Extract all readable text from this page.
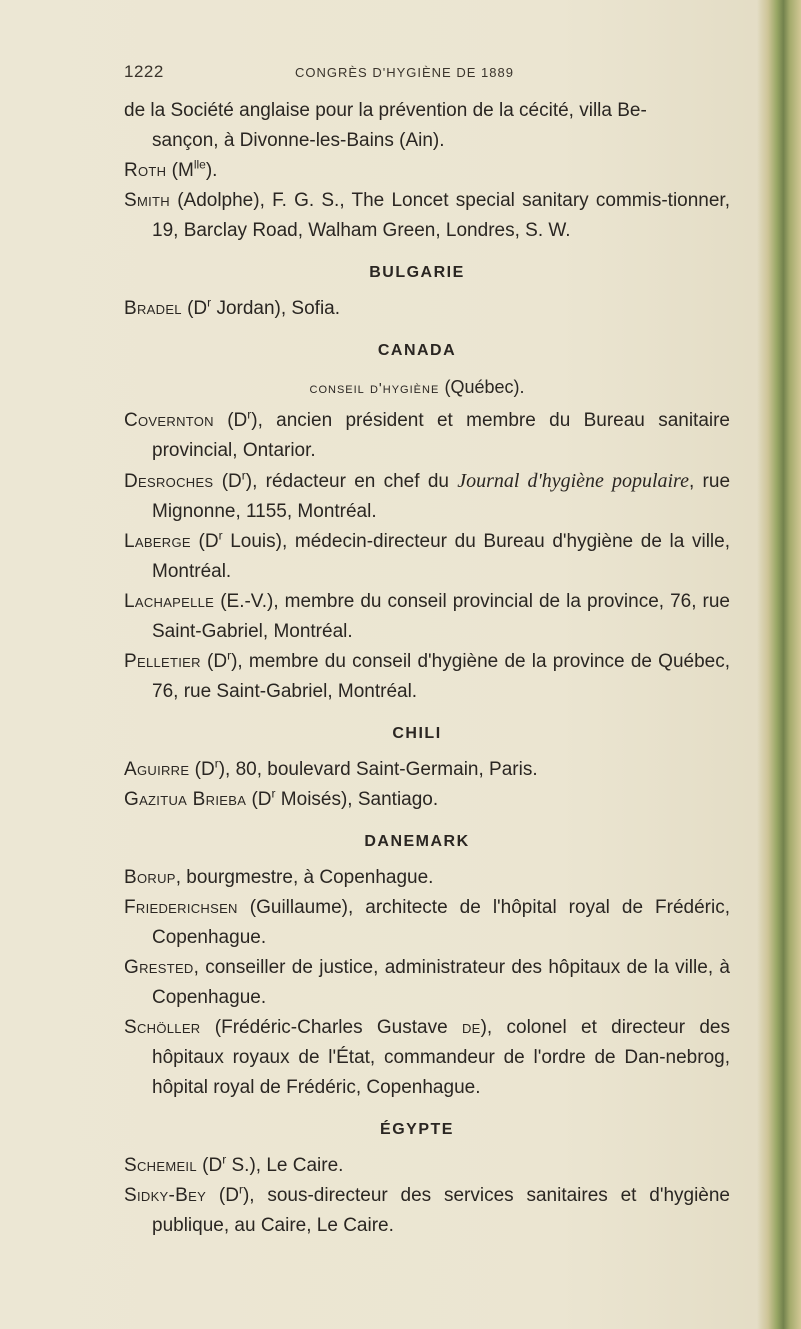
1222	CONGRÈS D'HYGIÈNE DE 1889

de la Société anglaise pour la prévention de la cécité, villa Be-
sançon, à Divonne-les-Bains (Ain).

Roth $(M^{lle})$.

Smith (Adolphe), F. G. S., The Loncet special sanitary commis-tionner, 19, Barclay Road, Walham Green, Londres, S. W.

BULGARIE

Bradel ($D^r$ Jordan), Sofia.

CANADA
conseil d'hygiène (Québec).

Covernton $(D^r)$, ancien président et membre du Bureau sanitaire provincial, Ontarior.

Desroches $(D^r)$, rédacteur en chef du Journal d'hygiène populaire, rue Mignonne, 1155, Montréal.

Laberge ($D^r$ Louis), médecin-directeur du Bureau d'hygiène de la ville, Montréal.

Lachapelle (E.-V.), membre du conseil provincial de la province, 76, rue Saint-Gabriel, Montréal.

Pelletier $(D^r)$, membre du conseil d'hygiène de la province de Québec, 76, rue Saint-Gabriel, Montréal.

CHILI

Aguirre $(D^r)$, 80, boulevard Saint-Germain, Paris.

Gazitua Brieba ($D^r$ Moisés), Santiago.

DANEMARK

Borup, bourgmestre, à Copenhague.

Friederichsen (Guillaume), architecte de l'hôpital royal de Frédéric, Copenhague.

Grested, conseiller de justice, administrateur des hôpitaux de la ville, à Copenhague.

Schöller (Frédéric-Charles Gustave de), colonel et directeur des hôpitaux royaux de l'État, commandeur de l'ordre de Dan-nebrog, hôpital royal de Frédéric, Copenhague.

ÉGYPTE

Schemeil ($D^r$ S.), Le Caire.

Sidky-Bey $(D^r)$, sous-directeur des services sanitaires et d'hygiène publique, au Caire, Le Caire.
